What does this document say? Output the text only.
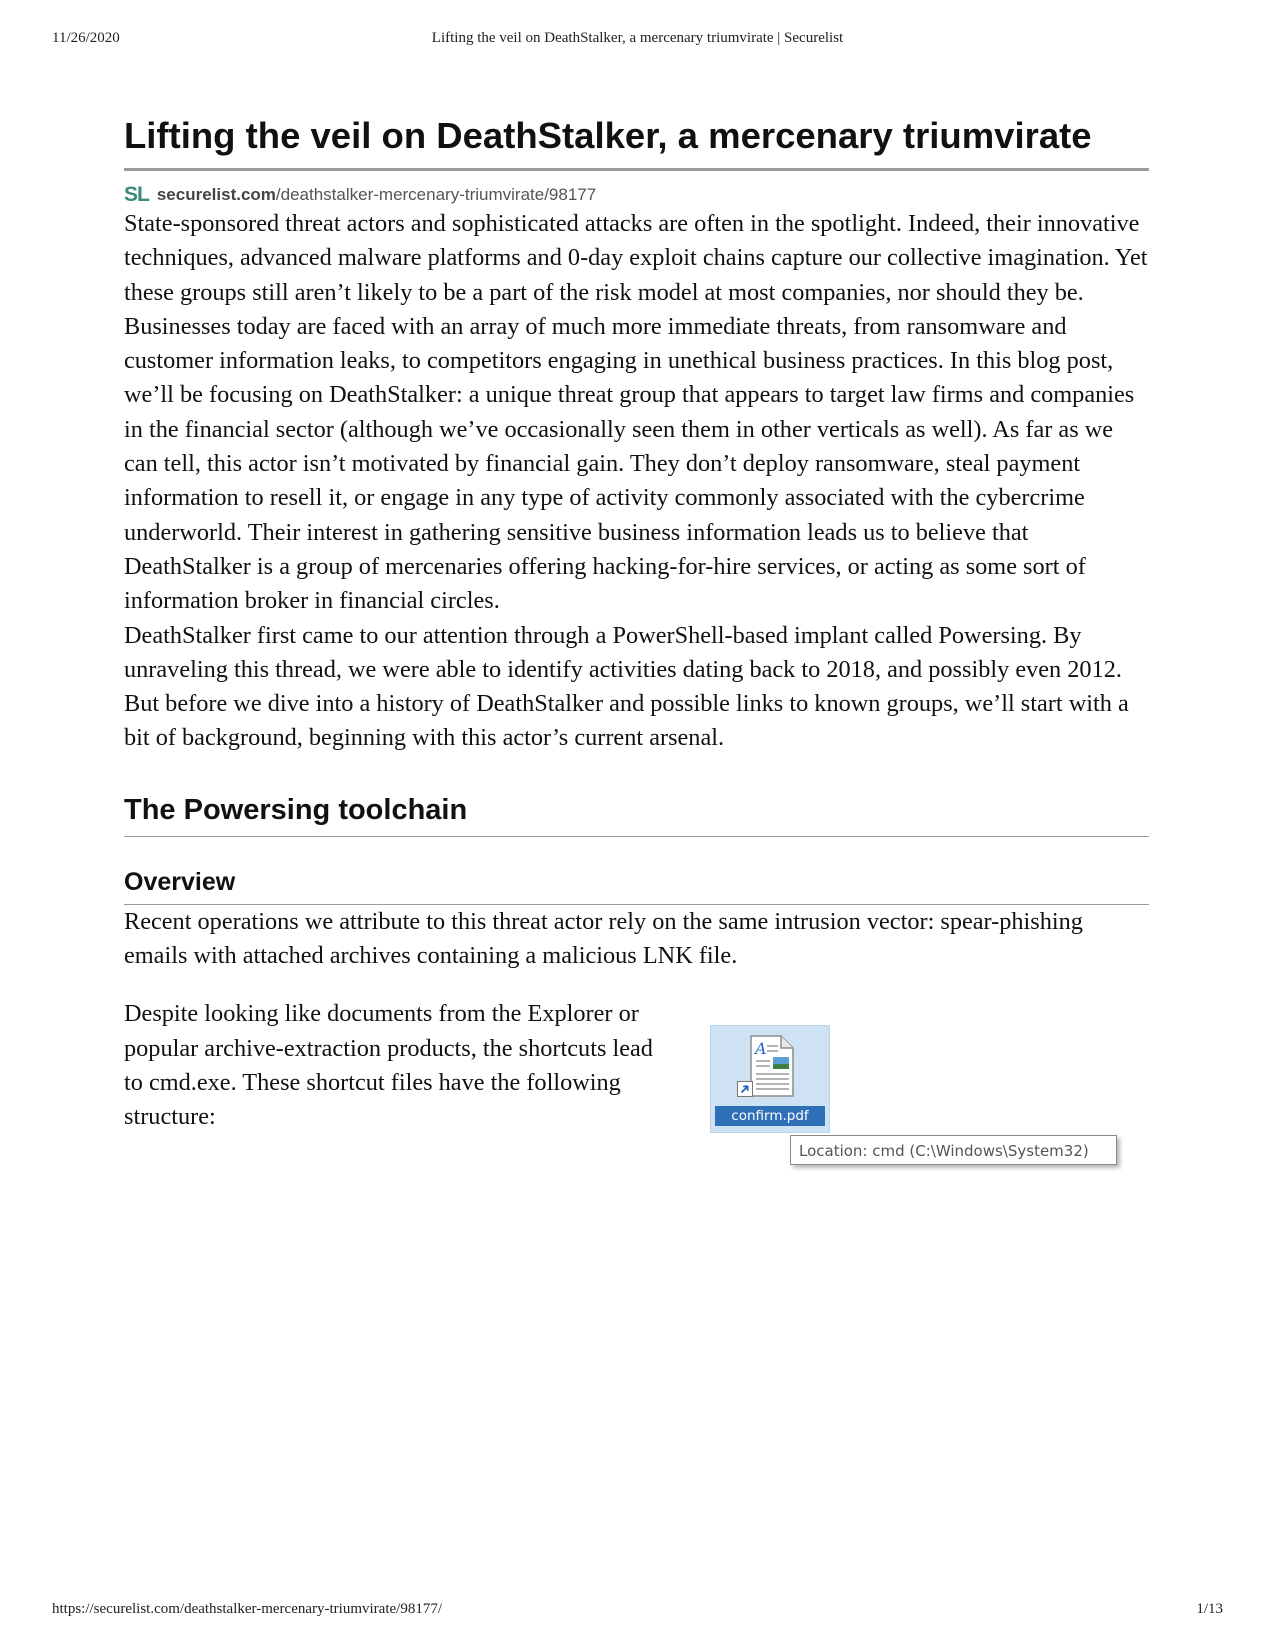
11/26/2020	Lifting the veil on DeathStalker, a mercenary triumvirate | Securelist
Lifting the veil on DeathStalker, a mercenary triumvirate
SL securelist.com/deathstalker-mercenary-triumvirate/98177

State-sponsored threat actors and sophisticated attacks are often in the spotlight. Indeed, their innovative techniques, advanced malware platforms and 0-day exploit chains capture our collective imagination. Yet these groups still aren’t likely to be a part of the risk model at most companies, nor should they be. Businesses today are faced with an array of much more immediate threats, from ransomware and customer information leaks, to competitors engaging in unethical business practices. In this blog post, we’ll be focusing on DeathStalker: a unique threat group that appears to target law firms and companies in the financial sector (although we’ve occasionally seen them in other verticals as well). As far as we can tell, this actor isn’t motivated by financial gain. They don’t deploy ransomware, steal payment information to resell it, or engage in any type of activity commonly associated with the cybercrime underworld. Their interest in gathering sensitive business information leads us to believe that DeathStalker is a group of mercenaries offering hacking-for-hire services, or acting as some sort of information broker in financial circles.

DeathStalker first came to our attention through a PowerShell-based implant called Powersing. By unraveling this thread, we were able to identify activities dating back to 2018, and possibly even 2012. But before we dive into a history of DeathStalker and possible links to known groups, we’ll start with a bit of background, beginning with this actor’s current arsenal.

The Powersing toolchain
Overview

Recent operations we attribute to this threat actor rely on the same intrusion vector: spear-phishing emails with attached archives containing a malicious LNK file.

Despite looking like documents from the Explorer or popular archive-extraction products, the shortcuts lead to cmd.exe. These shortcut files have the following structure:

A
confirm.pdf
Location: cmd (C:\Windows\System32)
https://securelist.com/deathstalker-mercenary-triumvirate/98177/	1/13
